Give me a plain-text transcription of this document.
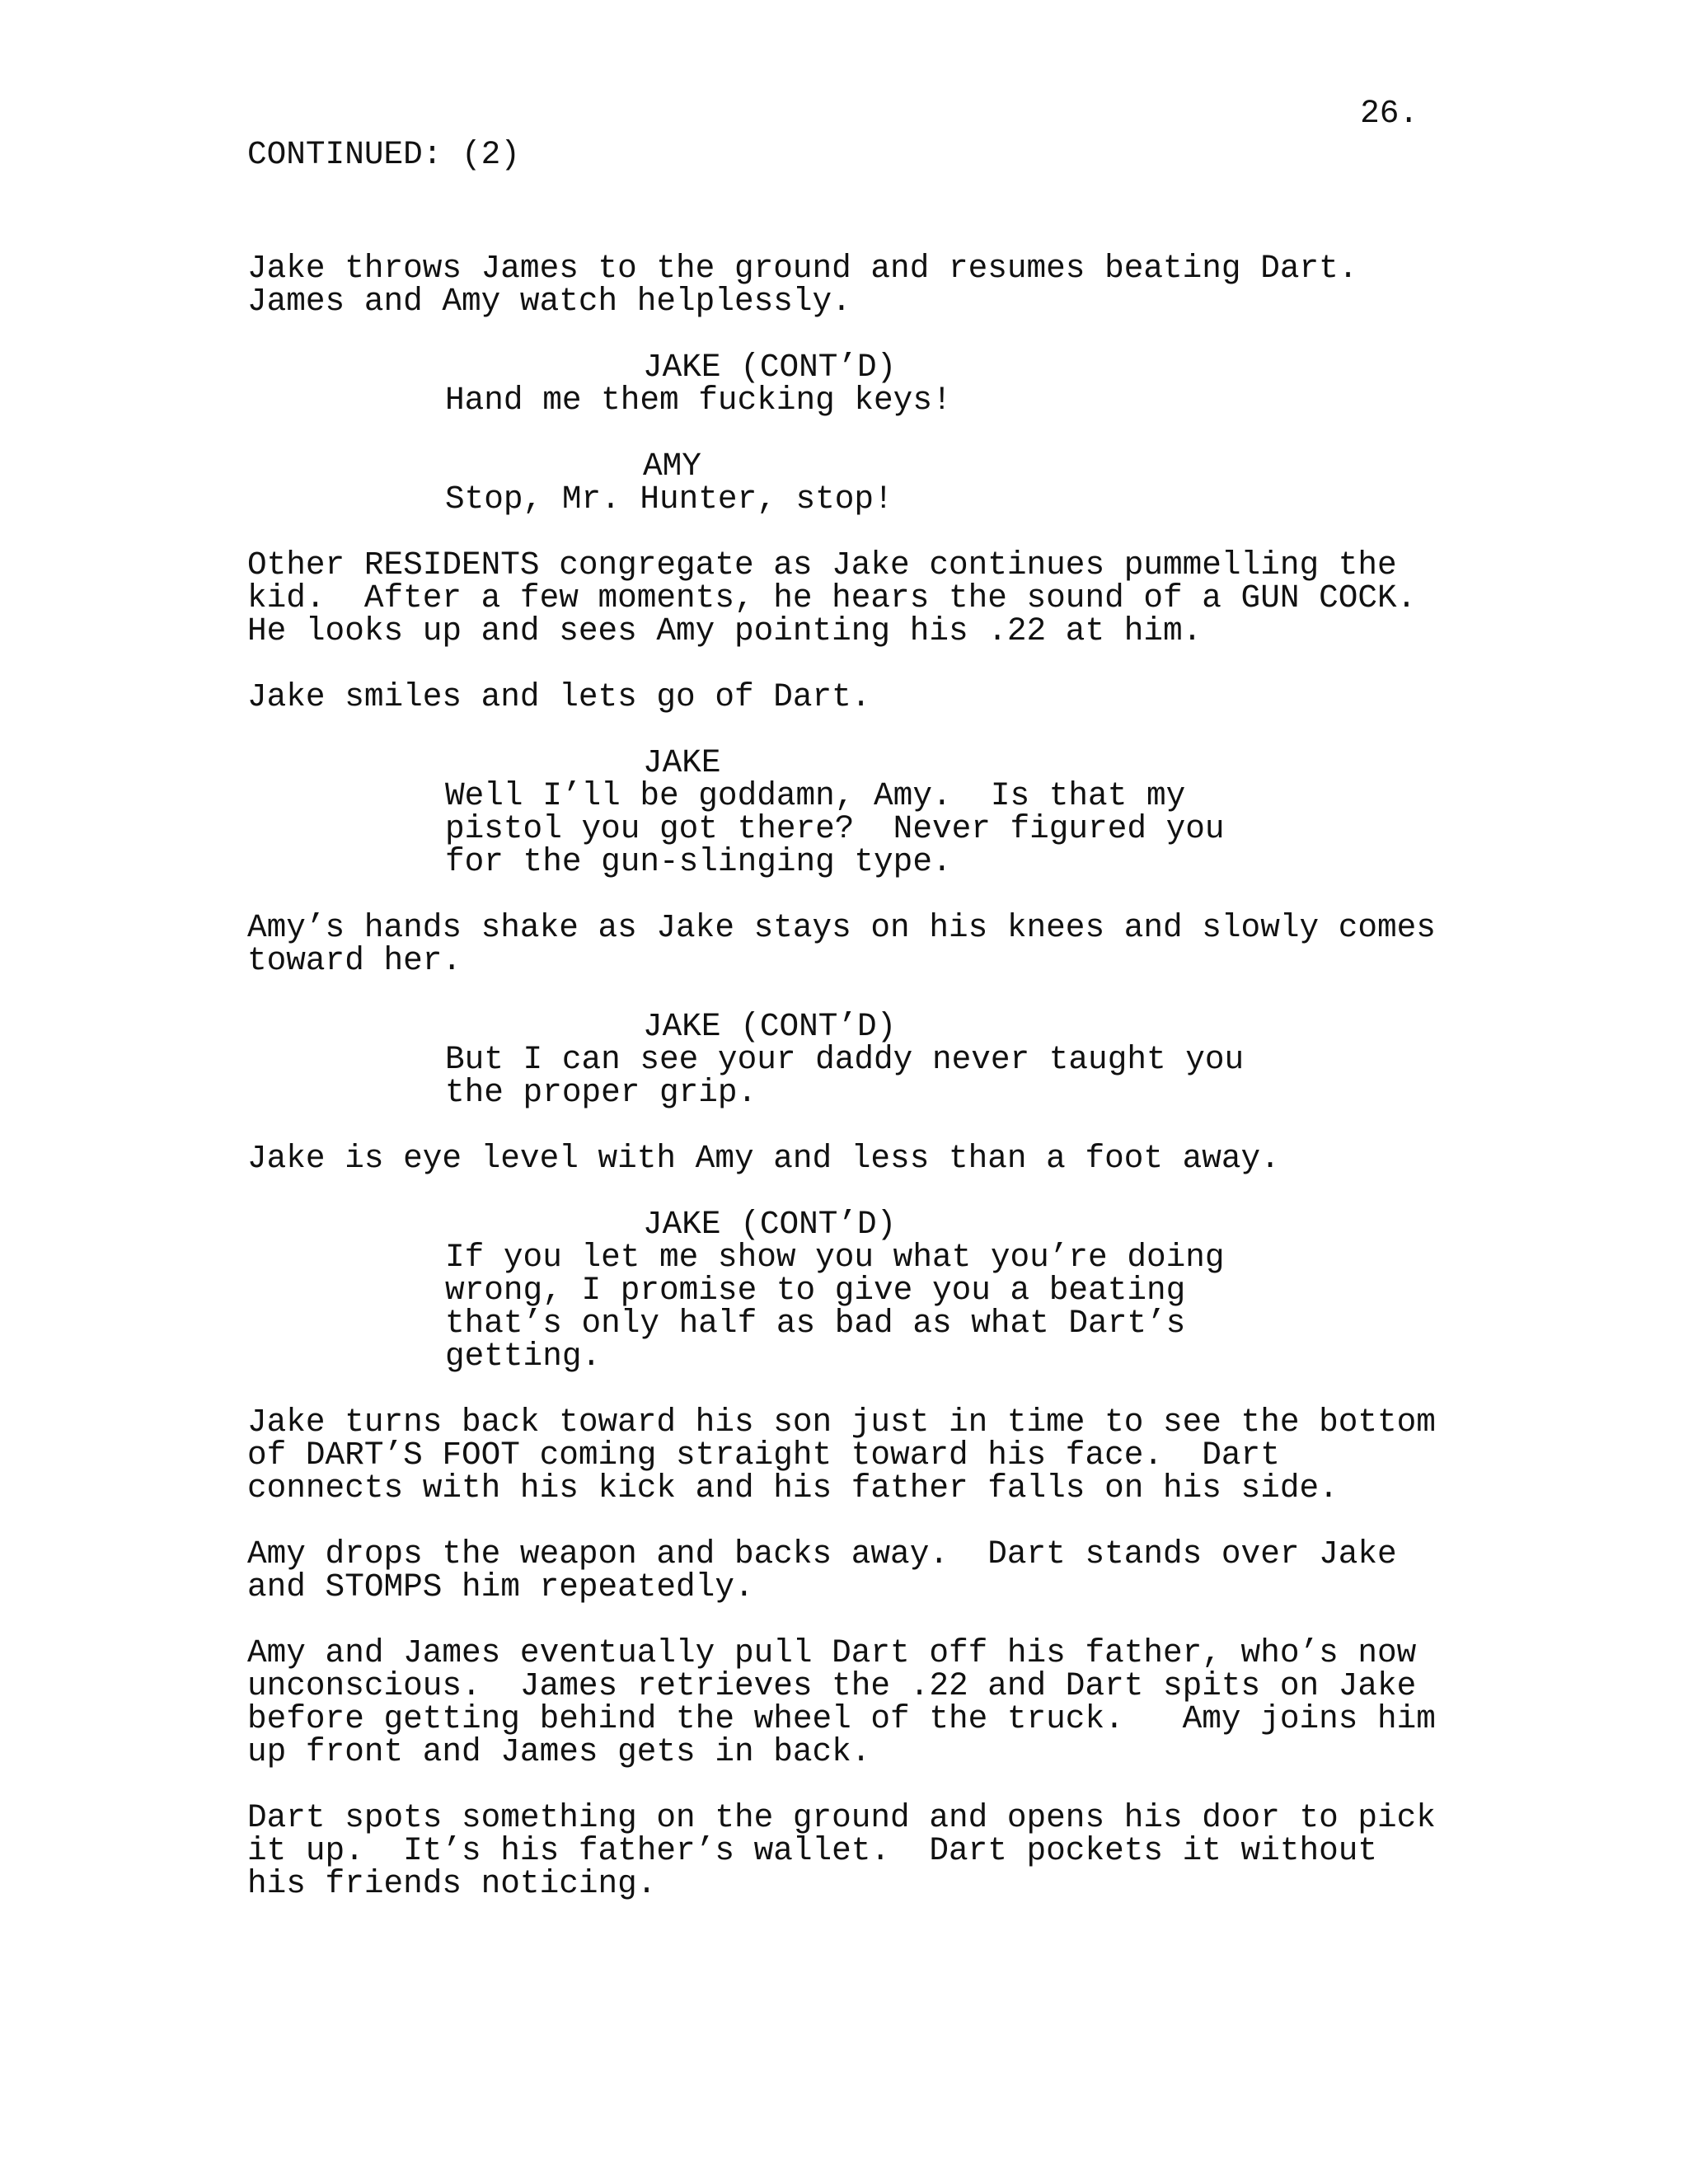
26.
CONTINUED: (2)
Jake throws James to the ground and resumes beating Dart.
James and Amy watch helplessly.
JAKE (CONT’D)
Hand me them fucking keys!
AMY
Stop, Mr. Hunter, stop!
Other RESIDENTS congregate as Jake continues pummelling the
kid.  After a few moments, he hears the sound of a GUN COCK.
He looks up and sees Amy pointing his .22 at him.
Jake smiles and lets go of Dart.
JAKE
Well I’ll be goddamn, Amy.  Is that my
pistol you got there?  Never figured you
for the gun-slinging type.
Amy’s hands shake as Jake stays on his knees and slowly comes
toward her.
JAKE (CONT’D)
But I can see your daddy never taught you
the proper grip.
Jake is eye level with Amy and less than a foot away.
JAKE (CONT’D)
If you let me show you what you’re doing
wrong, I promise to give you a beating
that’s only half as bad as what Dart’s
getting.
Jake turns back toward his son just in time to see the bottom
of DART’S FOOT coming straight toward his face.  Dart
connects with his kick and his father falls on his side.
Amy drops the weapon and backs away.  Dart stands over Jake
and STOMPS him repeatedly.
Amy and James eventually pull Dart off his father, who’s now
unconscious.  James retrieves the .22 and Dart spits on Jake
before getting behind the wheel of the truck.   Amy joins him
up front and James gets in back.
Dart spots something on the ground and opens his door to pick
it up.  It’s his father’s wallet.  Dart pockets it without
his friends noticing.
